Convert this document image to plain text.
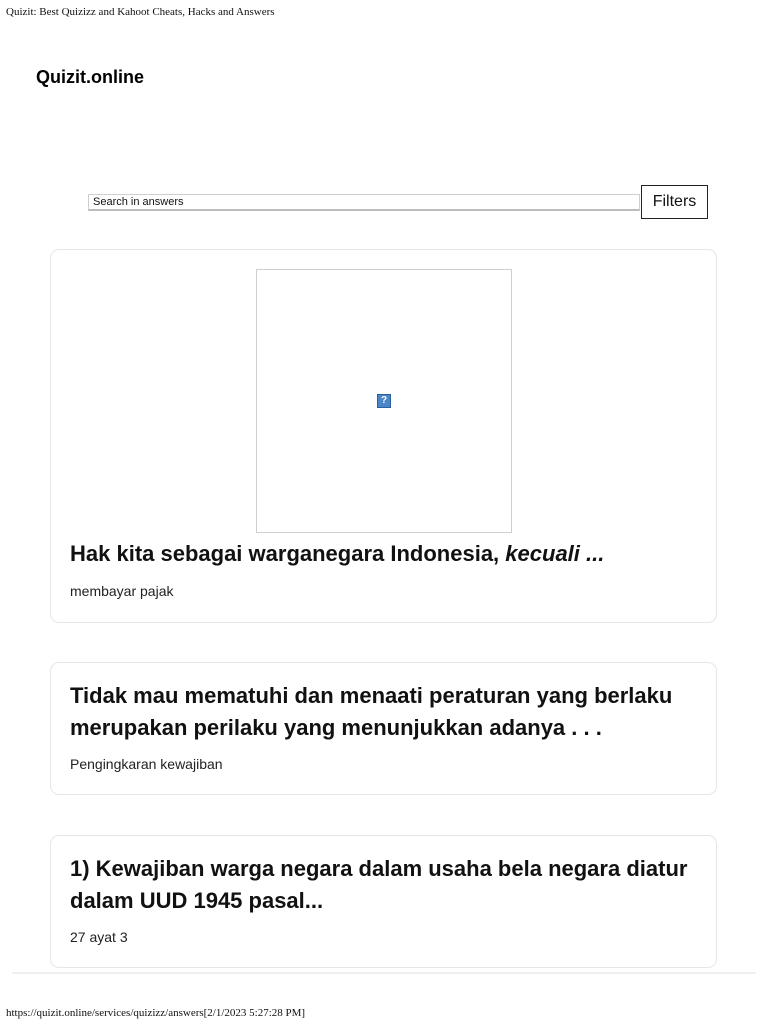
Quizit: Best Quizizz and Kahoot Cheats, Hacks and Answers
Quizit.online
Search in answers
Filters
?
Hak kita sebagai warganegara Indonesia, kecuali ...

membayar pajak

Tidak mau mematuhi dan menaati peraturan yang berlaku merupakan perilaku yang menunjukkan adanya . . .

Pengingkaran kewajiban

1) Kewajiban warga negara dalam usaha bela negara diatur dalam UUD 1945 pasal...

27 ayat 3

https://quizit.online/services/quizizz/answers[2/1/2023 5:27:28 PM]
